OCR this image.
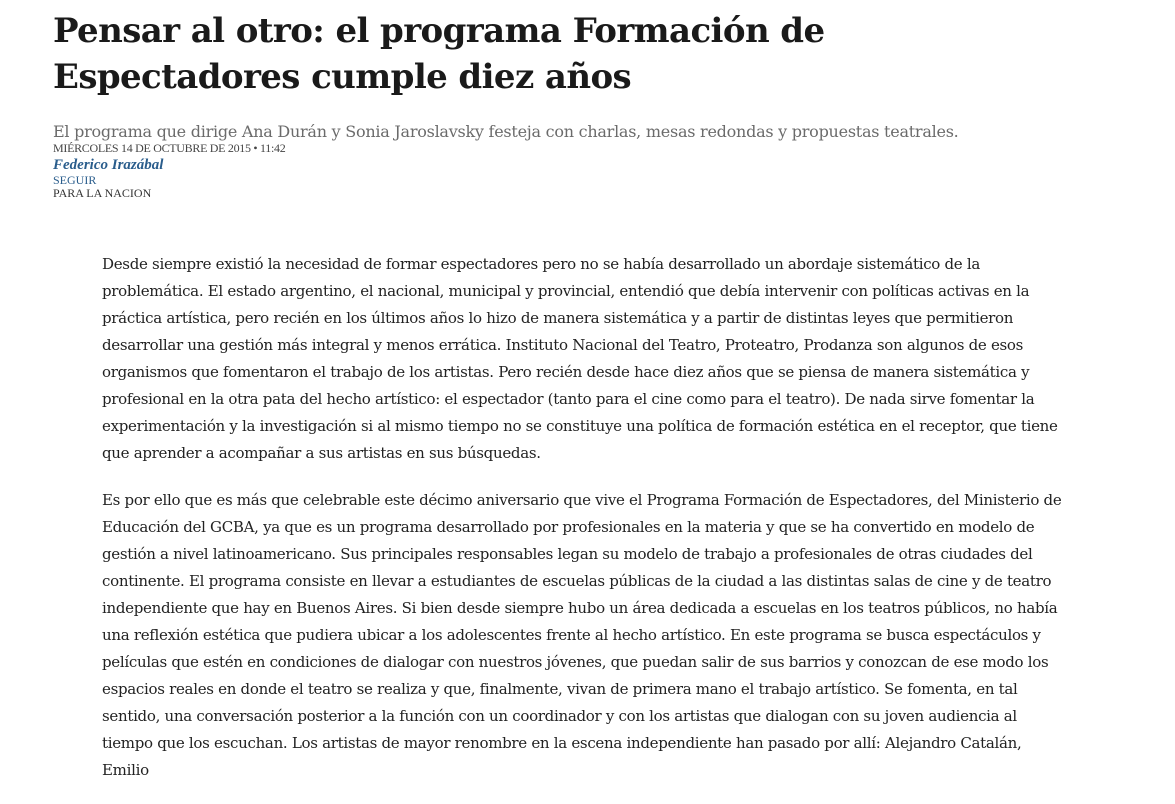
Pensar al otro: el programa Formación de Espectadores cumple diez años

El programa que dirige Ana Durán y Sonia Jaroslavsky festeja con charlas, mesas redondas y propuestas teatrales.

MIÉRCOLES 14 DE OCTUBRE DE 2015 • 11:42

Federico Irazábal
SEGUIR
PARA LA NACION

Desde siempre existió la necesidad de formar espectadores pero no se había desarrollado un abordaje sistemático de la problemática. El estado argentino, el nacional, municipal y provincial, entendió que debía intervenir con políticas activas en la práctica artística, pero recién en los últimos años lo hizo de manera sistemática y a partir de distintas leyes que permitieron desarrollar una gestión más integral y menos errática. Instituto Nacional del Teatro, Proteatro, Prodanza son algunos de esos organismos que fomentaron el trabajo de los artistas. Pero recién desde hace diez años que se piensa de manera sistemática y profesional en la otra pata del hecho artístico: el espectador (tanto para el cine como para el teatro). De nada sirve fomentar la experimentación y la investigación si al mismo tiempo no se constituye una política de formación estética en el receptor, que tiene que aprender a acompañar a sus artistas en sus búsquedas.

Es por ello que es más que celebrable este décimo aniversario que vive el Programa Formación de Espectadores, del Ministerio de Educación del GCBA, ya que es un programa desarrollado por profesionales en la materia y que se ha convertido en modelo de gestión a nivel latinoamericano. Sus principales responsables legan su modelo de trabajo a profesionales de otras ciudades del continente. El programa consiste en llevar a estudiantes de escuelas públicas de la ciudad a las distintas salas de cine y de teatro independiente que hay en Buenos Aires. Si bien desde siempre hubo un área dedicada a escuelas en los teatros públicos, no había una reflexión estética que pudiera ubicar a los adolescentes frente al hecho artístico. En este programa se busca espectáculos y películas que estén en condiciones de dialogar con nuestros jóvenes, que puedan salir de sus barrios y conozcan de ese modo los espacios reales en donde el teatro se realiza y que, finalmente, vivan de primera mano el trabajo artístico. Se fomenta, en tal sentido, una conversación posterior a la función con un coordinador y con los artistas que dialogan con su joven audiencia al tiempo que los escuchan. Los artistas de mayor renombre en la escena independiente han pasado por allí: Alejandro Catalán, Emilio
